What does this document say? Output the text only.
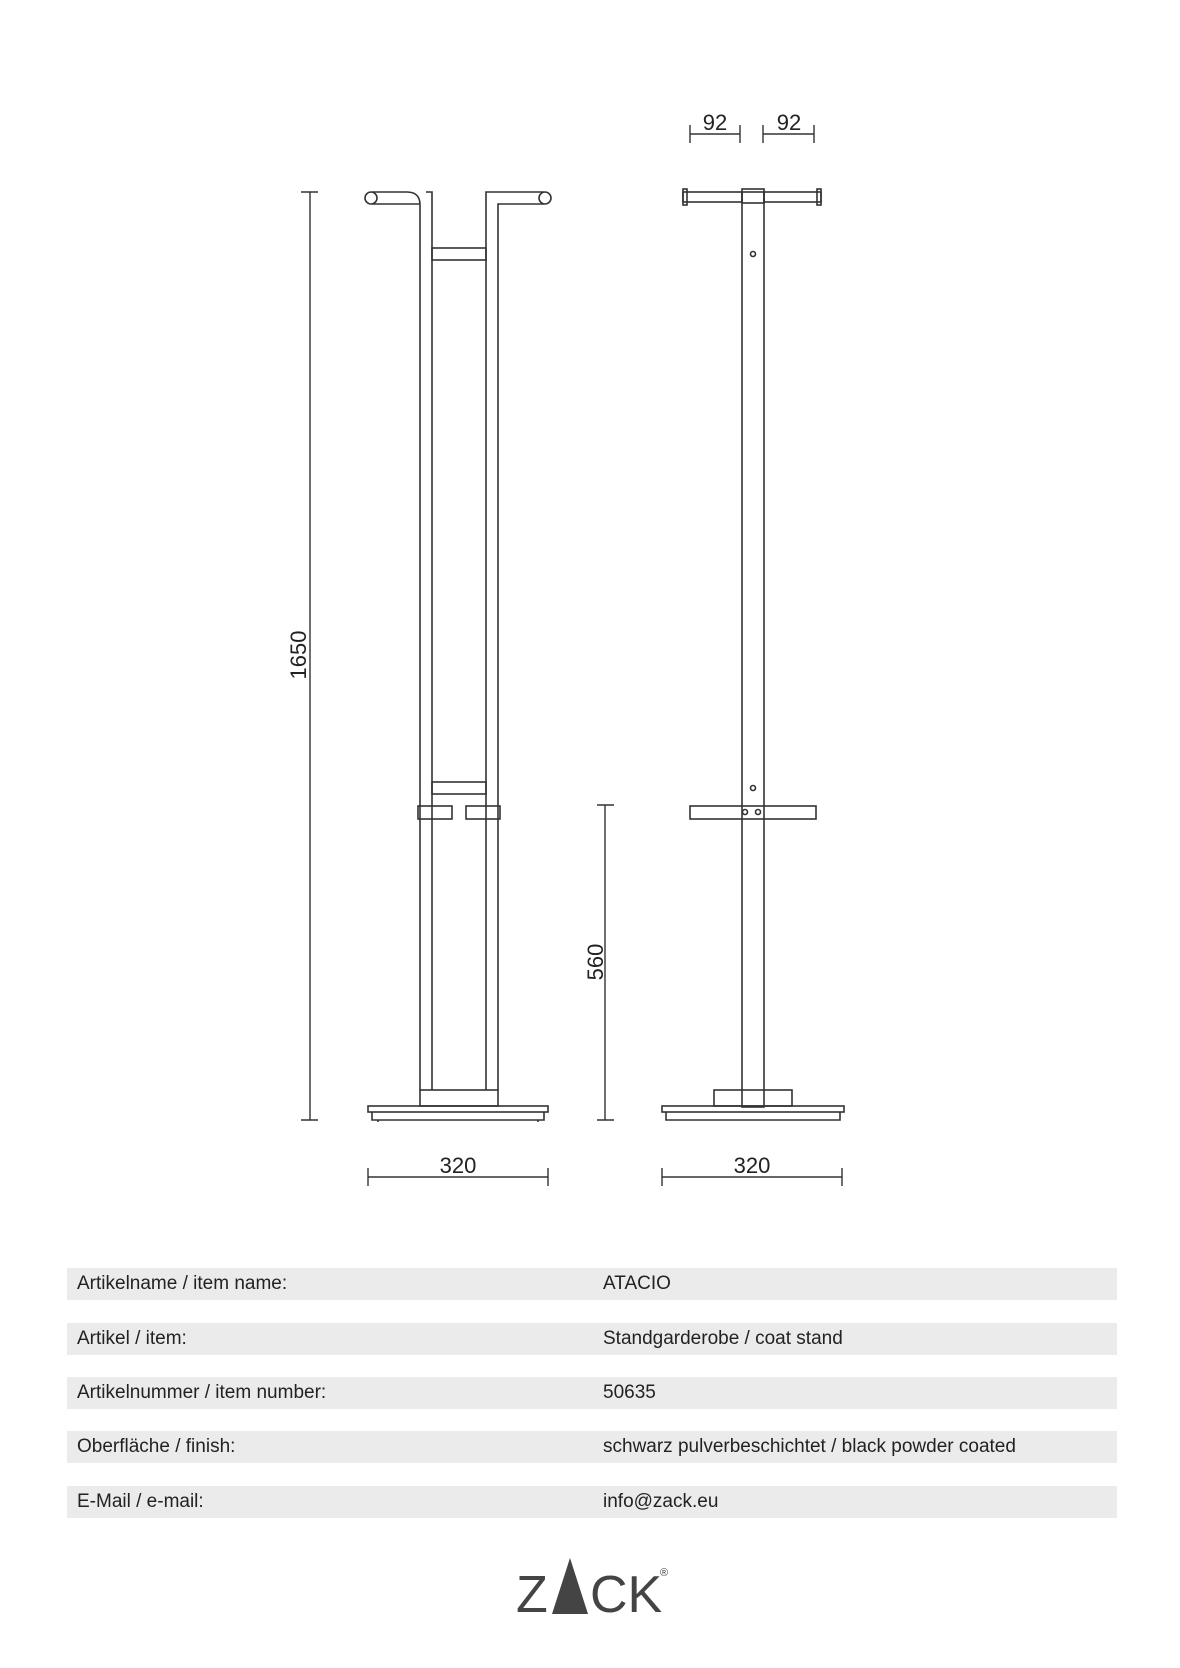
92 92
1650
560
320	320
Artikelname / item name:	ATACIO
Artikel / item:	Standgarderobe / coat stand
Artikelnummer / item number:	50635
Oberfläche / finish:	schwarz pulverbeschichtet / black powder coated
E-Mail / e-mail:	info@zack.eu
Z CK
®
